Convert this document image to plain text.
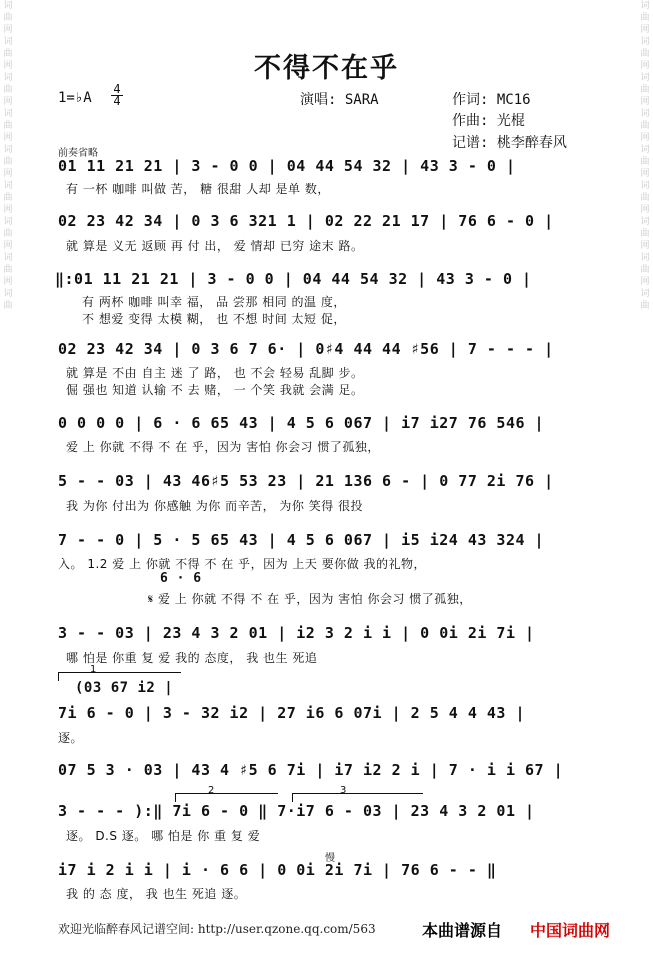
词
曲
网
词
曲
网
词
曲
网
词
曲
网
词
曲
网
词
曲
网
词
曲
网
词
曲
网
词
曲
词
曲
网
词
曲
网
词
曲
网
词
曲
网
词
曲
网
词
曲
网
词
曲
网
词
曲
网
词
曲
不得不在乎
1=♭A $\frac{4}{4}$	演唱: SARA	作词: MC16
作曲: 光棍
记谱: 桃李醉春风
前奏省略
01 11 21 21 | 3 - 0 0 | 04 44 54 32 | 43 3 - 0 |
有 一杯 咖啡 叫做 苦， 糖 很甜 人却 是单 数，
02 23 42 34 | 0 3 6 321 1 | 02 22 21 17 | 76 6 - 0 |
就 算是 义无 返顾 再 付 出， 爱 情却 已穷 途末 路。
‖:01 11 21 21 | 3 - 0 0 | 04 44 54 32 | 43 3 - 0 |
有 两杯 咖啡 叫幸 福， 品 尝那 相同 的温 度，
不 想爱 变得 太模 糊， 也 不想 时间 太短 促，
02 23 42 34 | 0 3 6 7 6· | 0♯4 44 44 ♯56 | 7 - - - |
就 算是 不由 自主 迷 了 路， 也 不会 轻易 乱脚 步。
倔 强也 知道 认输 不 去 赌， 一 个笑 我就 会满 足。
0 0 0 0 | 6 · 6 65 43 | 4 5 6 067 | i7 i27 76 546 |
爱 上 你就 不得 不 在 乎，因为 害怕 你会习 惯了孤独，
5 - - 03 | 43 46♯5 53 23 | 21 136 6 - | 0 77 2i 76 |
我 为你 付出为 你感触 为你 而辛苦， 为你 笑得 很投
7 - - 0 | 5 · 5 65 43 | 4 5 6 067 | i5 i24 43 324 |
入。 1.2 爱 上 你就 不得 不 在 乎，因为 上天 要你做 我的礼物，
6 · 6
𝄋 爱 上 你就 不得 不 在 乎，因为 害怕 你会习 惯了孤独，
3 - - 03 | 23 4 3 2 01 | i2 3 2 i i | 0 0i 2i 7i |
哪 怕是 你重 复 爱 我的 态度， 我 也生 死追
1
(03 67 i2 |
7i 6 - 0 | 3 - 32 i2 | 27 i6 6 07i | 2 5 4 4 43 |
逐。
07 5 3 · 03 | 43 4 ♯5 6 7i | i7 i2 2 i | 7 · i i 67 |
2	3
3 - - - ):‖ 7i 6 - 0 ‖ 7·i7 6 - 03 | 23 4 3 2 01 |
逐。 D.S 逐。 哪 怕是 你 重 复 爱
慢
i7 i 2 i i | i · 6 6 | 0 0i 2i 7i | 76 6 - - ‖
我 的 态 度， 我 也生 死追 逐。
欢迎光临醉春风记谱空间: http://user.qzone.qq.com/563	本曲谱源自 中国词曲网
